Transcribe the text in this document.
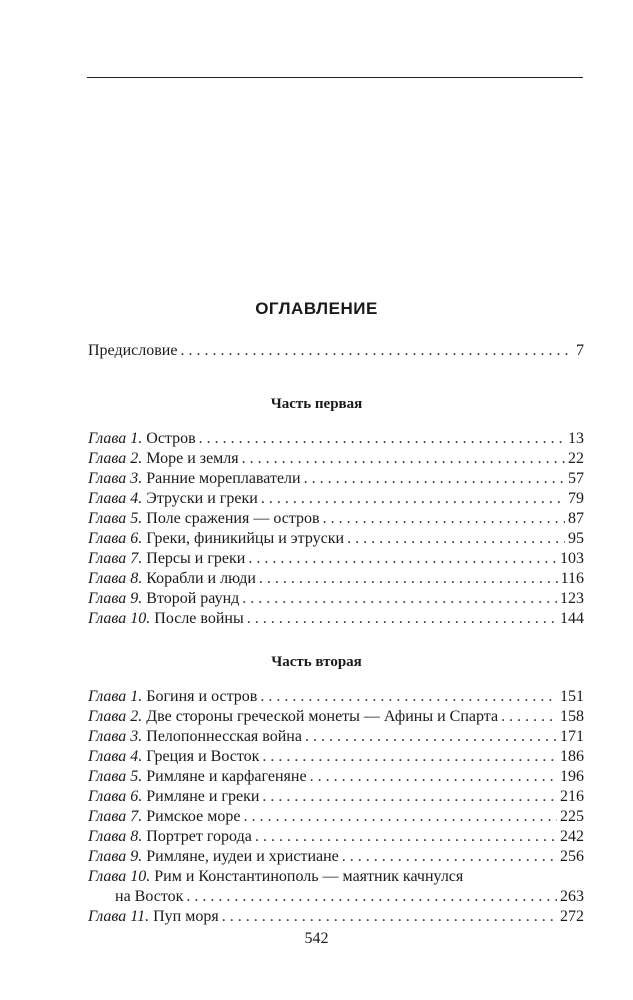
ОГЛАВЛЕНИЕ
Предисловие . . .	7
Часть первая
Глава 1. Остров . . .	13
Глава 2. Море и земля . . .	22
Глава 3. Ранние мореплаватели . . .	57
Глава 4. Этруски и греки . . .	79
Глава 5. Поле сражения — остров . . .	87
Глава 6. Греки, финикийцы и этруски . . .	95
Глава 7. Персы и греки . . .	103
Глава 8. Корабли и люди . . .	116
Глава 9. Второй раунд . . .	123
Глава 10. После войны . . .	144
Часть вторая
Глава 1. Богиня и остров . . .	151
Глава 2. Две стороны греческой монеты — Афины и Спарта . . .	158
Глава 3. Пелопоннесская война . . .	171
Глава 4. Греция и Восток . . .	186
Глава 5. Римляне и карфагеняне . . .	196
Глава 6. Римляне и греки . . .	216
Глава 7. Римское море . . .	225
Глава 8. Портрет города . . .	242
Глава 9. Римляне, иудеи и христиане . . .	256
Глава 10. Рим и Константинополь — маятник качнулся
на Восток . . .	263
Глава 11. Пуп моря . . .	272
542
